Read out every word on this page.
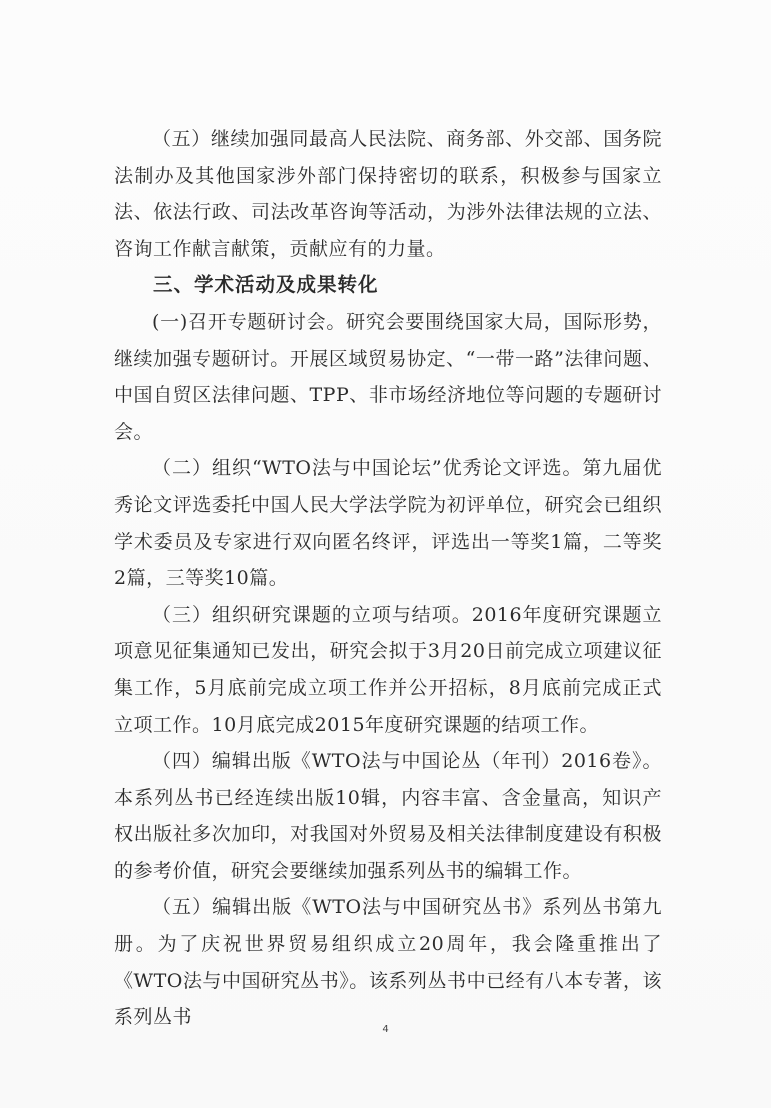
（五）继续加强同最高人民法院、商务部、外交部、国务院法制办及其他国家涉外部门保持密切的联系，积极参与国家立法、依法行政、司法改革咨询等活动，为涉外法律法规的立法、咨询工作献言献策，贡献应有的力量。

三、学术活动及成果转化

(一)召开专题研讨会。研究会要围绕国家大局，国际形势，继续加强专题研讨。开展区域贸易协定、“一带一路”法律问题、中国自贸区法律问题、TPP、非市场经济地位等问题的专题研讨会。

（二）组织“WTO法与中国论坛”优秀论文评选。第九届优秀论文评选委托中国人民大学法学院为初评单位，研究会已组织学术委员及专家进行双向匿名终评，评选出一等奖1篇，二等奖2篇，三等奖10篇。

（三）组织研究课题的立项与结项。2016年度研究课题立项意见征集通知已发出，研究会拟于3月20日前完成立项建议征集工作，5月底前完成立项工作并公开招标，8月底前完成正式立项工作。10月底完成2015年度研究课题的结项工作。

（四）编辑出版《WTO法与中国论丛（年刊）2016卷》。本系列丛书已经连续出版10辑，内容丰富、含金量高，知识产权出版社多次加印，对我国对外贸易及相关法律制度建设有积极的参考价值，研究会要继续加强系列丛书的编辑工作。

（五）编辑出版《WTO法与中国研究丛书》系列丛书第九册。为了庆祝世界贸易组织成立20周年，我会隆重推出了《WTO法与中国研究丛书》。该系列丛书中已经有八本专著，该系列丛书

4
